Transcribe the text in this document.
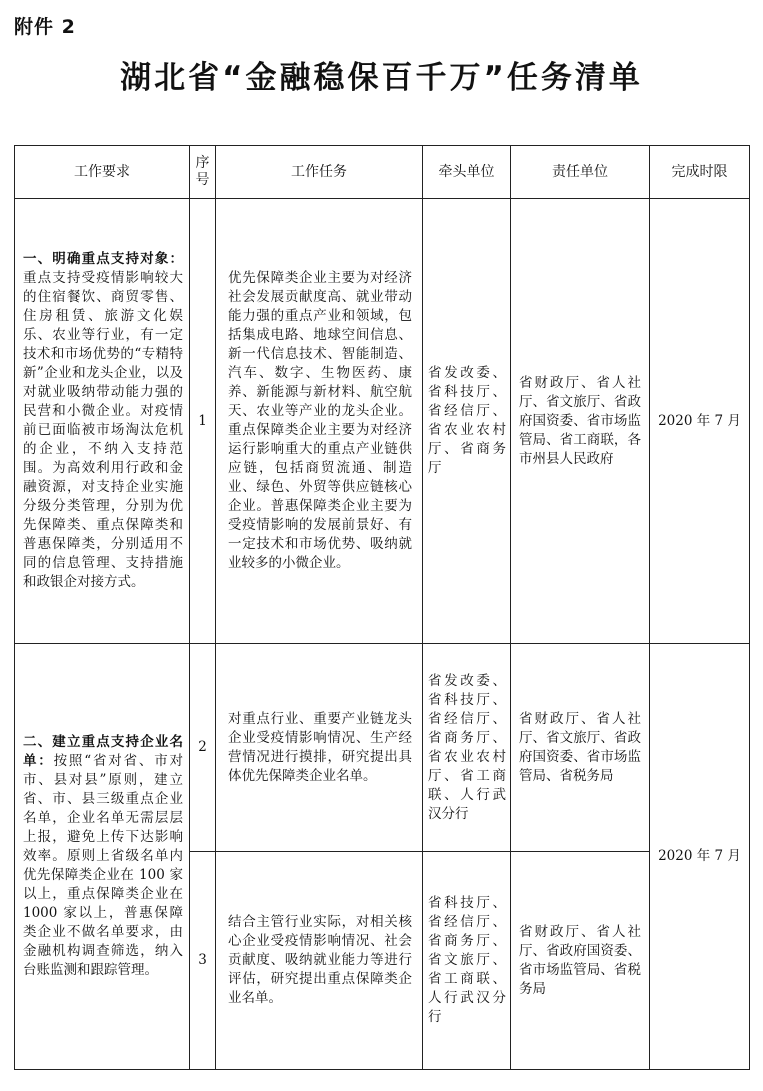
附件 2
湖北省“金融稳保百千万”任务清单
工作要求	序号	工作任务	牵头单位	责任单位	完成时限
一、明确重点支持对象：重点支持受疫情影响较大的住宿餐饮、商贸零售、住房租赁、旅游文化娱乐、农业等行业，有一定技术和市场优势的“专精特新”企业和龙头企业，以及对就业吸纳带动能力强的民营和小微企业。对疫情前已面临被市场淘汰危机的企业，不纳入支持范围。为高效利用行政和金融资源，对支持企业实施分级分类管理，分别为优先保障类、重点保障类和普惠保障类，分别适用不同的信息管理、支持措施和政银企对接方式。	1	优先保障类企业主要为对经济社会发展贡献度高、就业带动能力强的重点产业和领域，包括集成电路、地球空间信息、新一代信息技术、智能制造、汽车、数字、生物医药、康养、新能源与新材料、航空航天、农业等产业的龙头企业。重点保障类企业主要为对经济运行影响重大的重点产业链供应链，包括商贸流通、制造业、绿色、外贸等供应链核心企业。普惠保障类企业主要为受疫情影响的发展前景好、有一定技术和市场优势、吸纳就业较多的小微企业。	省发改委、省科技厅、省经信厅、省农业农村厅、省商务厅	省财政厅、省人社厅、省文旅厅、省政府国资委、省市场监管局、省工商联，各市州县人民政府	2020 年 7 月
二、建立重点支持企业名单：按照“省对省、市对市、县对县”原则，建立省、市、县三级重点企业名单，企业名单无需层层上报，避免上传下达影响效率。原则上省级名单内优先保障类企业在 100 家以上，重点保障类企业在 1000 家以上，普惠保障类企业不做名单要求，由金融机构调查筛选，纳入台账监测和跟踪管理。	2	对重点行业、重要产业链龙头企业受疫情影响情况、生产经营情况进行摸排，研究提出具体优先保障类企业名单。	省发改委、省科技厅、省经信厅、省商务厅、省农业农村厅、省工商联、人行武汉分行	省财政厅、省人社厅、省文旅厅、省政府国资委、省市场监管局、省税务局	2020 年 7 月
	3	结合主管行业实际，对相关核心企业受疫情影响情况、社会贡献度、吸纳就业能力等进行评估，研究提出重点保障类企业名单。	省科技厅、省经信厅、省商务厅、省文旅厅、省工商联、人行武汉分行	省财政厅、省人社厅、省政府国资委、省市场监管局、省税务局	
